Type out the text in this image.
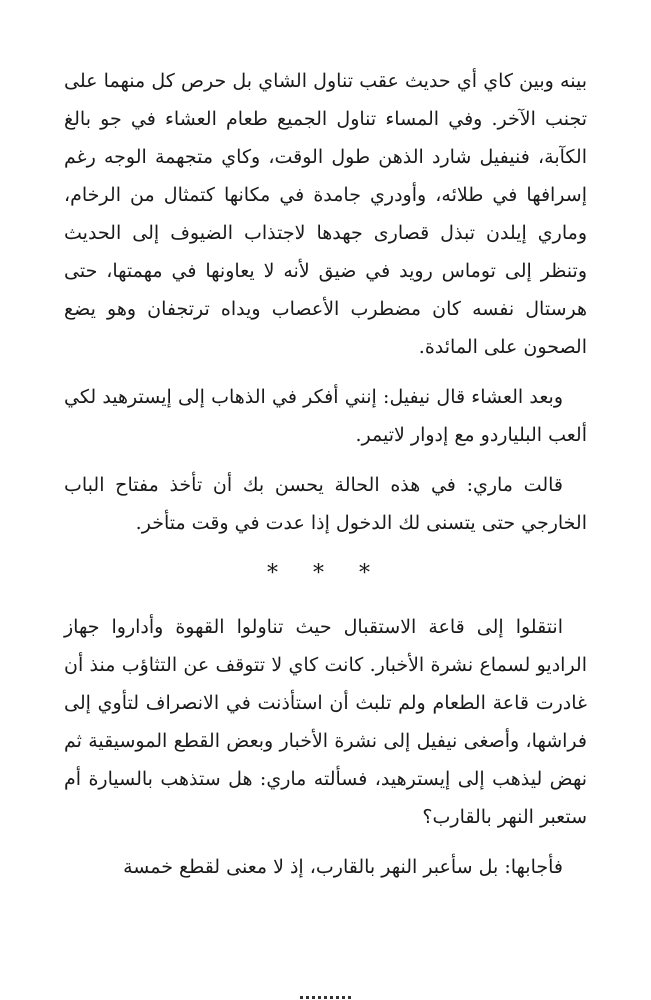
بينه وبين كاي أي حديث عقب تناول الشاي بل حرص كل منهما على تجنب الآخر. وفي المساء تناول الجميع طعام العشاء في جو بالغ الكآبة، فنيفيل شارد الذهن طول الوقت، وكاي متجهمة الوجه رغم إسرافها في طلائه، وأودري جامدة في مكانها كتمثال من الرخام، وماري إيلدن تبذل قصارى جهدها لاجتذاب الضيوف إلى الحديث وتنظر إلى توماس رويد في ضيق لأنه لا يعاونها في مهمتها، حتى هرستال نفسه كان مضطرب الأعصاب ويداه ترتجفان وهو يضع الصحون على المائدة.

وبعد العشاء قال نيفيل: إنني أفكر في الذهاب إلى إيسترهيد لكي ألعب البلياردو مع إدوار لاتيمر.

قالت ماري: في هذه الحالة يحسن بك أن تأخذ مفتاح الباب الخارجي حتى يتسنى لك الدخول إذا عدت في وقت متأخر.

* * *

انتقلوا إلى قاعة الاستقبال حيث تناولوا القهوة وأداروا جهاز الراديو لسماع نشرة الأخبار. كانت كاي لا تتوقف عن التثاؤب منذ أن غادرت قاعة الطعام ولم تلبث أن استأذنت في الانصراف لتأوي إلى فراشها، وأصغى نيفيل إلى نشرة الأخبار وبعض القطع الموسيقية ثم نهض ليذهب إلى إيسترهيد، فسألته ماري: هل ستذهب بالسيارة أم ستعبر النهر بالقارب؟

فأجابها: بل سأعبر النهر بالقارب، إذ لا معنى لقطع خمسة
